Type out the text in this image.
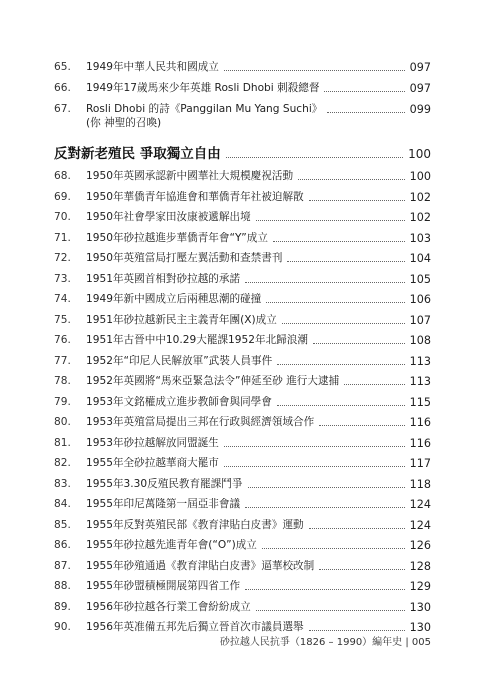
65.	1949年中華人民共和國成立	097
66.	1949年17歲馬來少年英雄 Rosli Dhobi 刺殺總督	097
67.	Rosli Dhobi 的詩《Panggilan Mu Yang Suchi》	099
(你 神聖的召喚)
反對新老殖民 爭取獨立自由	100
68.	1950年英國承認新中國華社大規模慶祝活動	100
69.	1950年華僑青年協進會和華僑青年社被迫解散	102
70.	1950年社會學家田汝康被遞解出境	102
71.	1950年砂拉越進步華僑青年會“Y”成立	103
72.	1950年英殖當局打壓左翼活動和查禁書刊	104
73.	1951年英國首相對砂拉越的承諾	105
74.	1949年新中國成立后兩種思潮的碰撞	106
75.	1951年砂拉越新民主主義青年團(X)成立	107
76.	1951年古晉中中10.29大罷課1952年北歸浪潮	108
77.	1952年“印尼人民解放軍”武裝人員事件	113
78.	1952年英國將“馬來亞緊急法令”伸延至砂 進行大逮捕	113
79.	1953年文銘權成立進步教師會與同學會	115
80.	1953年英殖當局提出三邦在行政與經濟領域合作	116
81.	1953年砂拉越解放同盟誕生	116
82.	1955年全砂拉越華商大罷市	117
83.	1955年3.30反殖民教育罷課鬥爭	118
84.	1955年印尼萬隆第一屆亞非會議	124
85.	1955年反對英殖民部《教育津貼白皮書》運動	124
86.	1955年砂拉越先進青年會(“O”)成立	126
87.	1955年砂殖通過《教育津貼白皮書》逼華校改制	128
88.	1955年砂盟積極開展第四省工作	129
89.	1956年砂拉越各行業工會紛紛成立	130
90.	1956年英准備五邦先后獨立晉首次市議員選舉	130
砂拉越人民抗爭（1826 – 1990）編年史 | 005
